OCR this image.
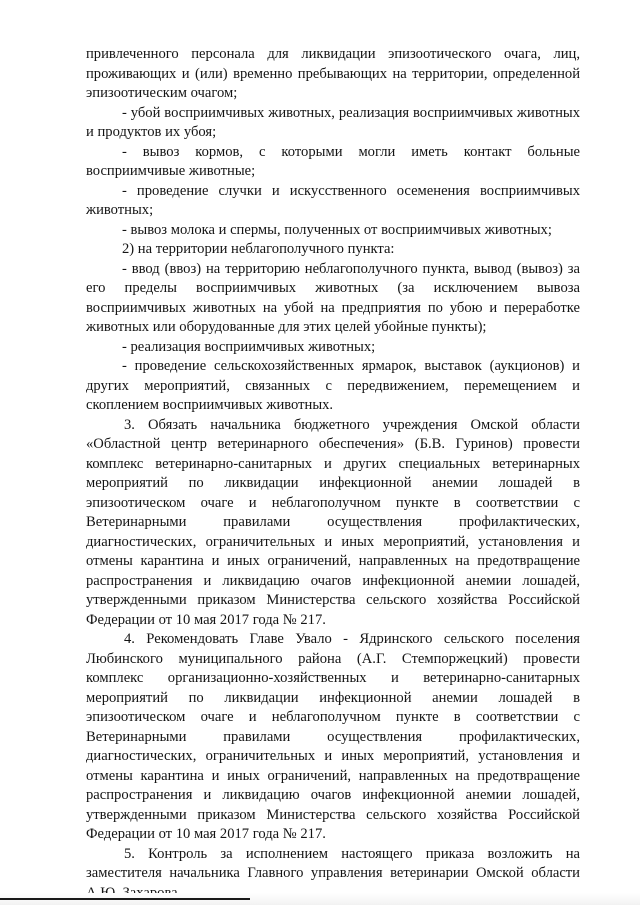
привлеченного персонала для ликвидации эпизоотического очага, лиц, проживающих и (или) временно пребывающих на территории, определенной эпизоотическим очагом;

- убой восприимчивых животных, реализация восприимчивых животных и продуктов их убоя;

- вывоз кормов, с которыми могли иметь контакт больные восприимчивые животные;

- проведение случки и искусственного осеменения восприимчивых животных;

- вывоз молока и спермы, полученных от восприимчивых животных;

2) на территории неблагополучного пункта:

- ввод (ввоз) на территорию неблагополучного пункта, вывод (вывоз) за его пределы восприимчивых животных (за исключением вывоза восприимчивых животных на убой на предприятия по убою и переработке животных или оборудованные для этих целей убойные пункты);

- реализация восприимчивых животных;

- проведение сельскохозяйственных ярмарок, выставок (аукционов) и других мероприятий, связанных с передвижением, перемещением и скоплением восприимчивых животных.

3. Обязать начальника бюджетного учреждения Омской области «Областной центр ветеринарного обеспечения» (Б.В. Гуринов) провести комплекс ветеринарно-санитарных и других специальных ветеринарных мероприятий по ликвидации инфекционной анемии лошадей в эпизоотическом очаге и неблагополучном пункте в соответствии с Ветеринарными правилами осуществления профилактических, диагностических, ограничительных и иных мероприятий, установления и отмены карантина и иных ограничений, направленных на предотвращение распространения и ликвидацию очагов инфекционной анемии лошадей, утвержденными приказом Министерства сельского хозяйства Российской Федерации от 10 мая 2017 года № 217.

4. Рекомендовать Главе Увало - Ядринского сельского поселения Любинского муниципального района (А.Г. Стемпоржецкий) провести комплекс организационно-хозяйственных и ветеринарно-санитарных мероприятий по ликвидации инфекционной анемии лошадей в эпизоотическом очаге и неблагополучном пункте в соответствии с Ветеринарными правилами осуществления профилактических, диагностических, ограничительных и иных мероприятий, установления и отмены карантина и иных ограничений, направленных на предотвращение распространения и ликвидацию очагов инфекционной анемии лошадей, утвержденными приказом Министерства сельского хозяйства Российской Федерации от 10 мая 2017 года № 217.

5. Контроль за исполнением настоящего приказа возложить на заместителя начальника Главного управления ветеринарии Омской области
